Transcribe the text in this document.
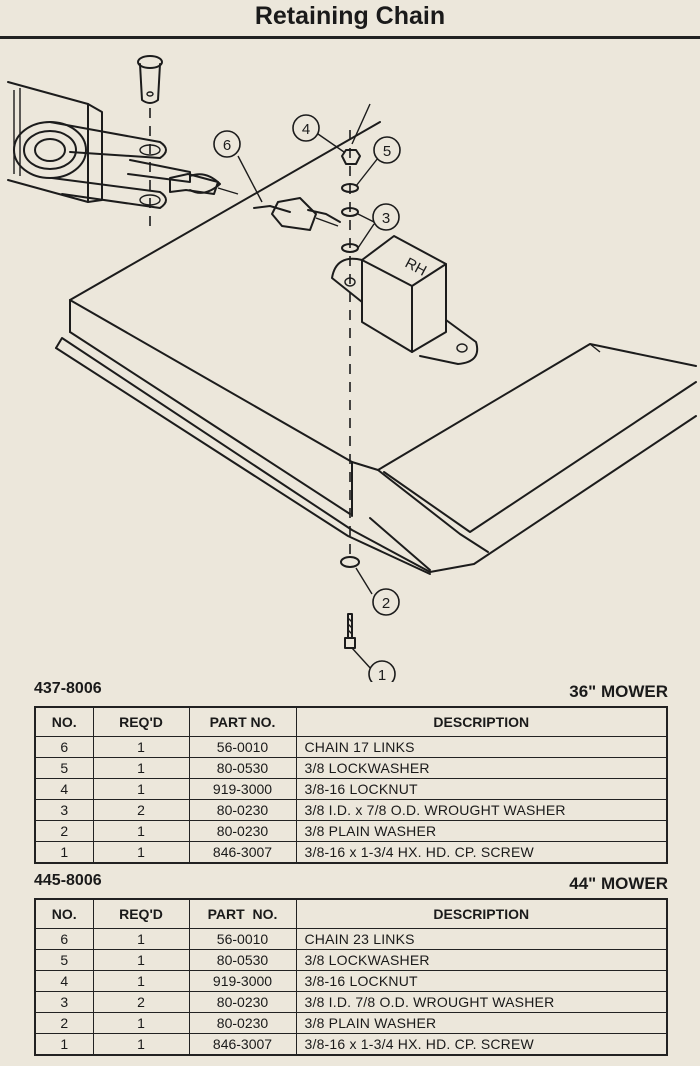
Retaining Chain
RH
6
4
5
3
2
1
437-8006	36" MOWER
NO.	REQ'D	PART NO.	DESCRIPTION
6	1	56-0010	CHAIN 17 LINKS
5	1	80-0530	3/8 LOCKWASHER
4	1	919-3000	3/8-16 LOCKNUT
3	2	80-0230	3/8 I.D. x 7/8 O.D. WROUGHT WASHER
2	1	80-0230	3/8 PLAIN WASHER
1	1	846-3007	3/8-16 x 1-3/4 HX. HD. CP. SCREW
445-8006	44" MOWER
NO.	REQ'D	PART  NO.	DESCRIPTION
6	1	56-0010	CHAIN 23 LINKS
5	1	80-0530	3/8 LOCKWASHER
4	1	919-3000	3/8-16 LOCKNUT
3	2	80-0230	3/8 I.D. 7/8 O.D. WROUGHT WASHER
2	1	80-0230	3/8 PLAIN WASHER
1	1	846-3007	3/8-16 x 1-3/4 HX. HD. CP. SCREW
